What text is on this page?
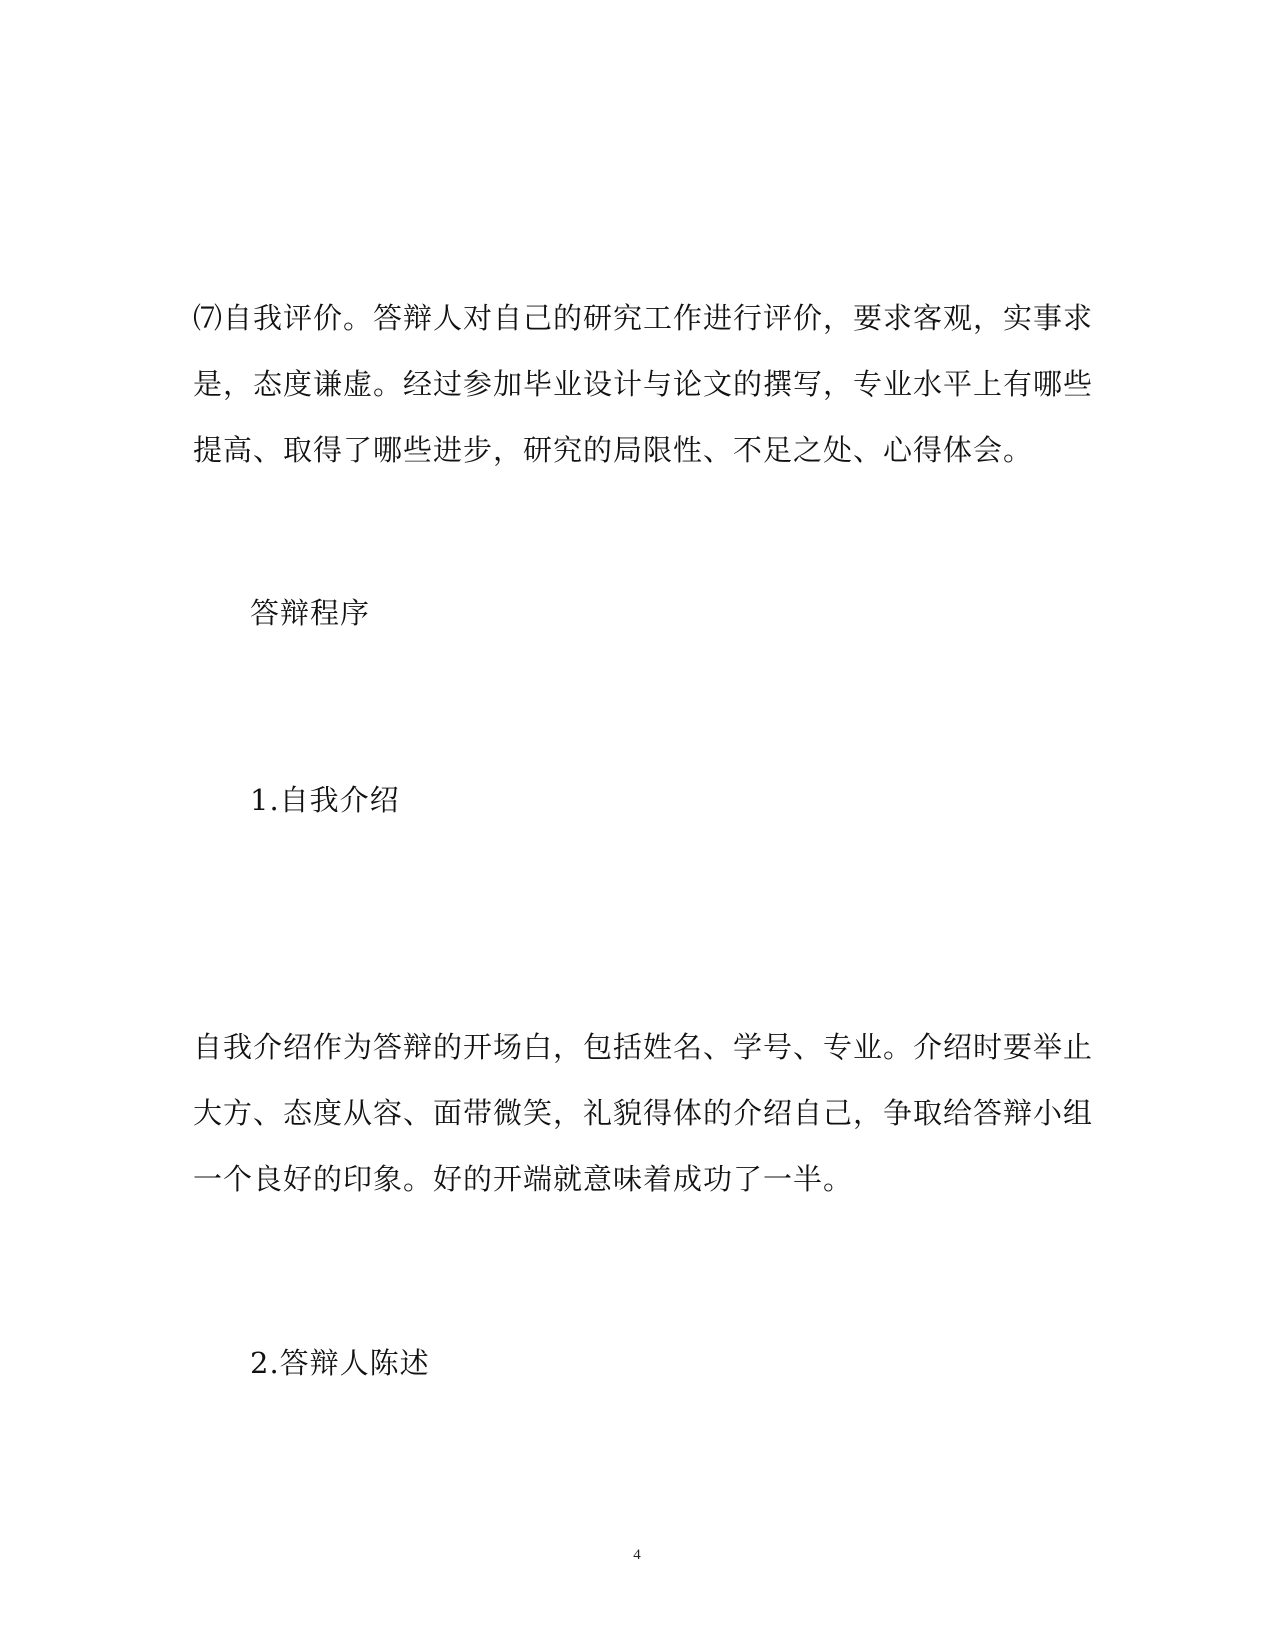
⑺自我评价。答辩人对自己的研究工作进行评价，要求客观，实事求
是，态度谦虚。经过参加毕业设计与论文的撰写，专业水平上有哪些
提高、取得了哪些进步，研究的局限性、不足之处、心得体会。

答辩程序
1.自我介绍

自我介绍作为答辩的开场白，包括姓名、学号、专业。介绍时要举止
大方、态度从容、面带微笑，礼貌得体的介绍自己，争取给答辩小组
一个良好的印象。好的开端就意味着成功了一半。

2.答辩人陈述
4
